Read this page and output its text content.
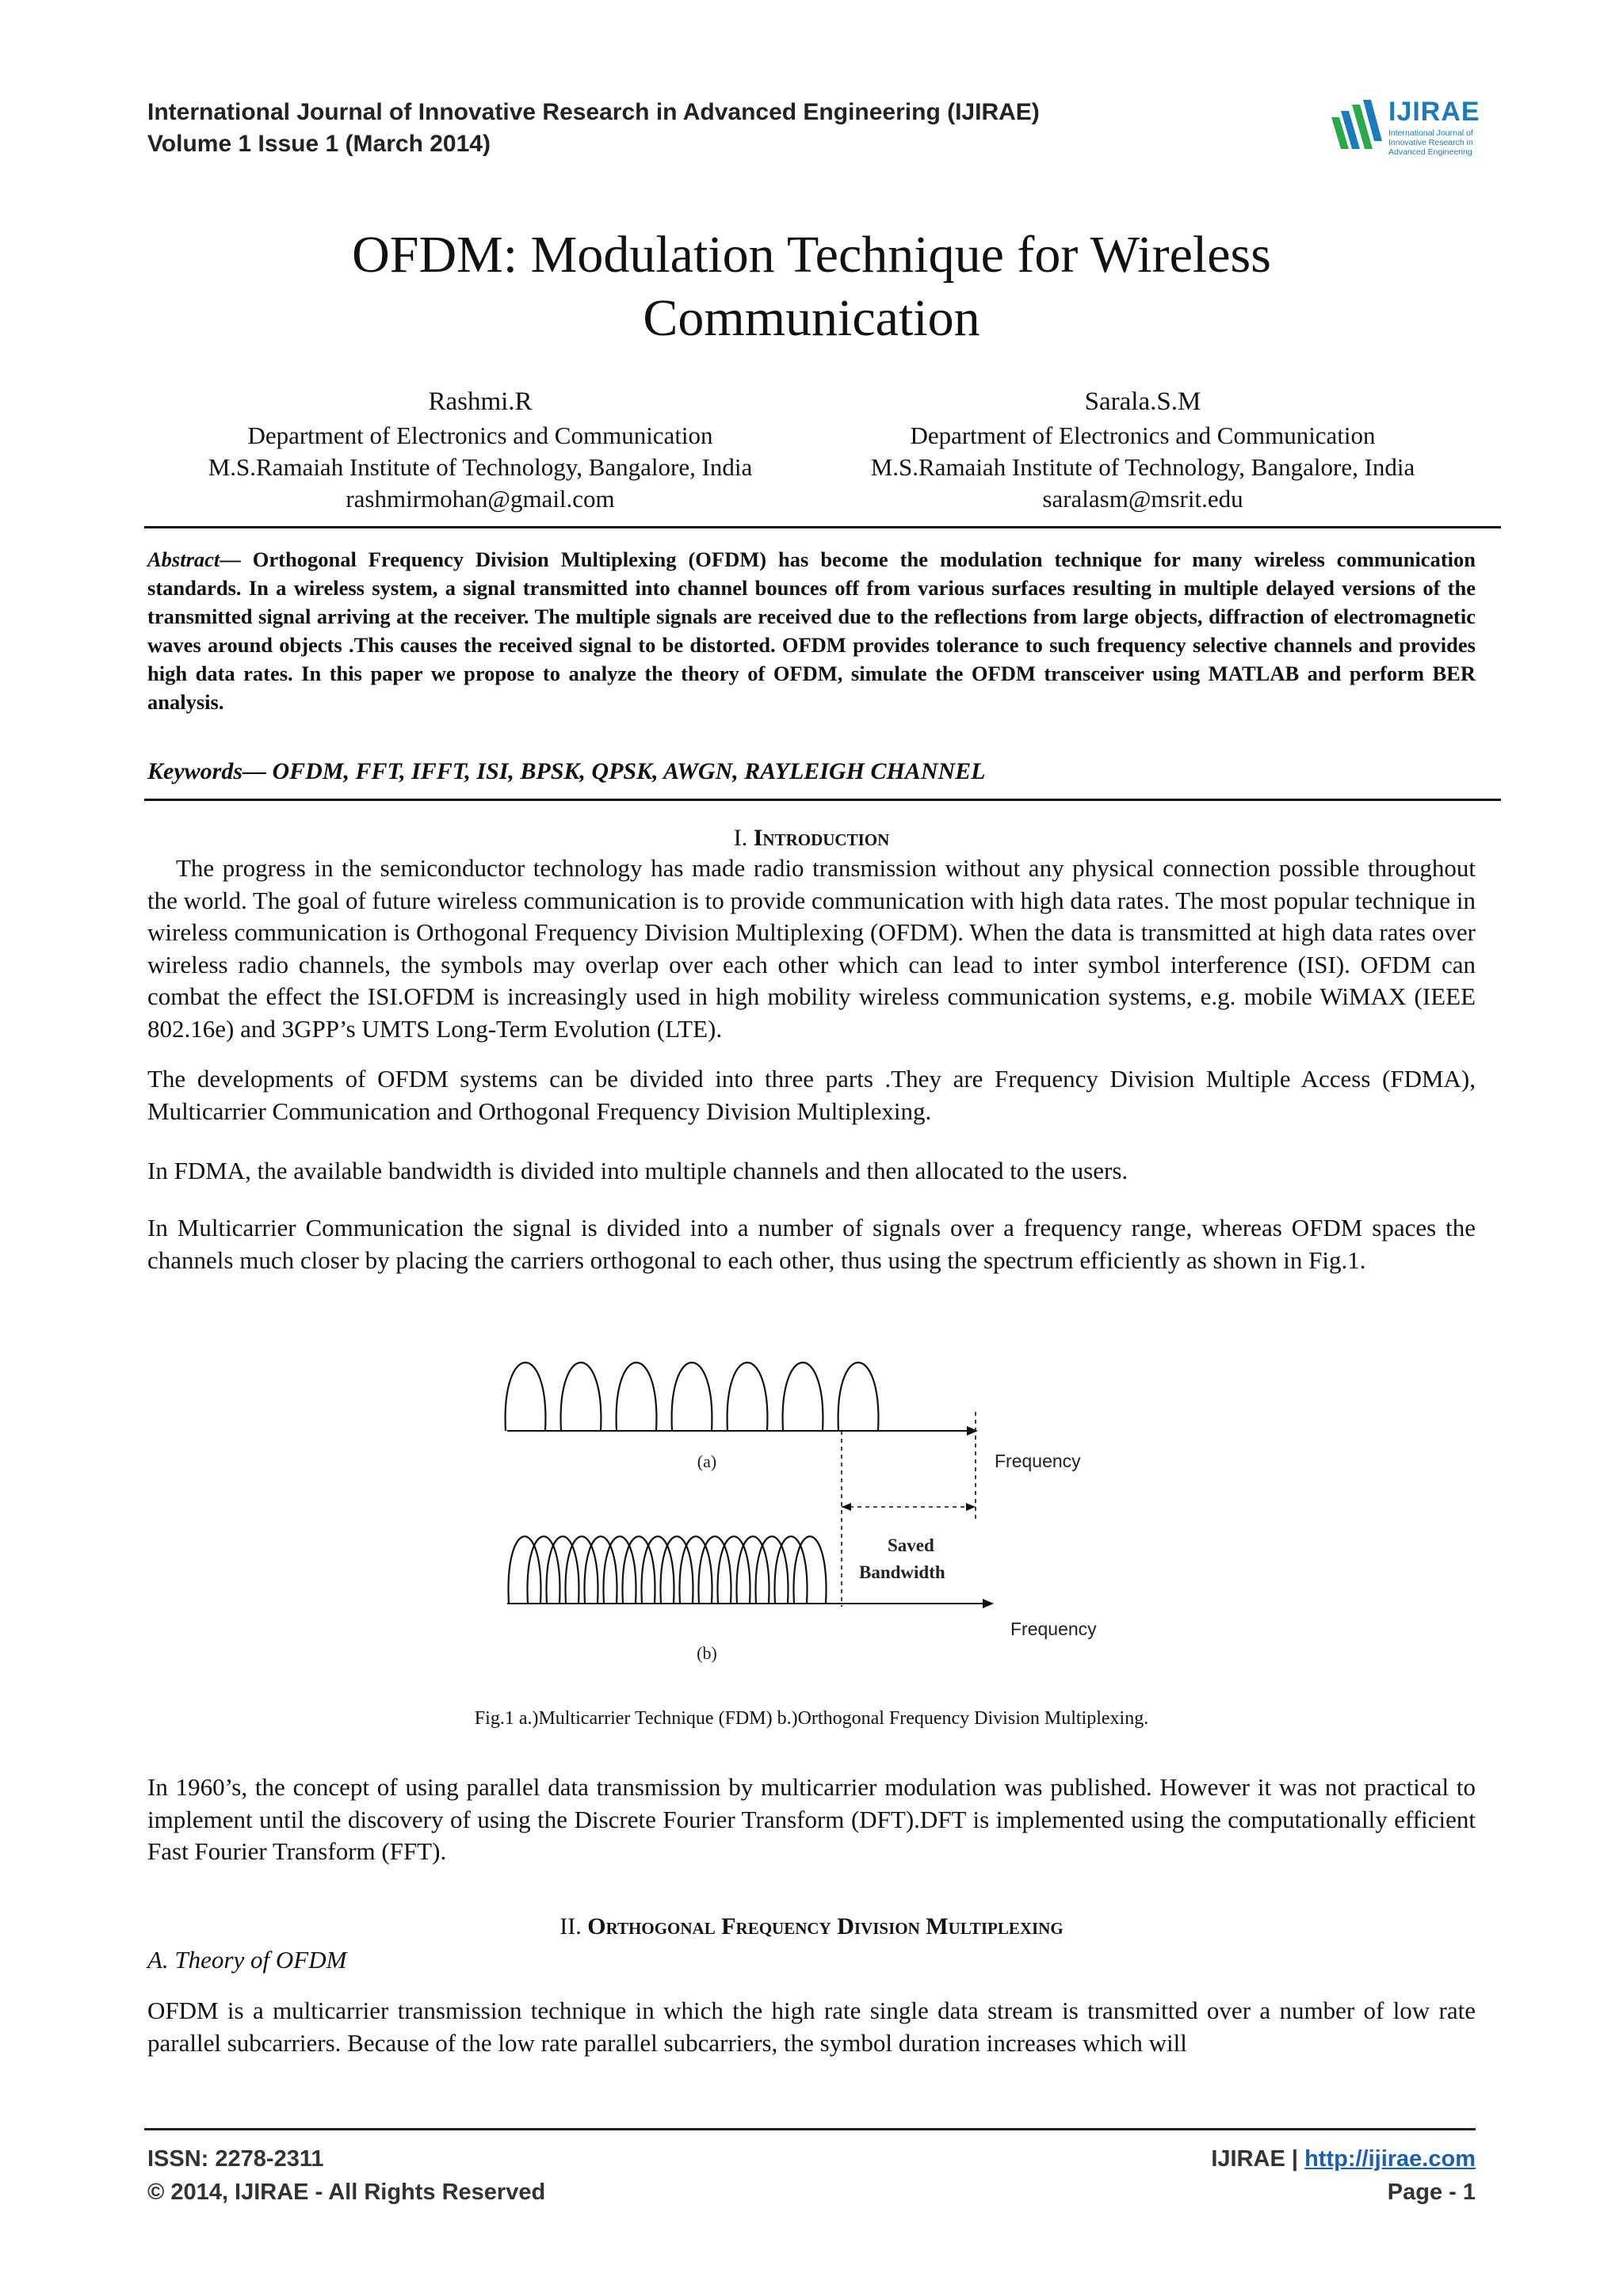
International Journal of Innovative Research in Advanced Engineering (IJIRAE)
Volume 1 Issue 1 (March 2014)
IJIRAE
International Journal of Innovative Research in Advanced Engineering
OFDM: Modulation Technique for Wireless
Communication
Rashmi.R
Department of Electronics and Communication
M.S.Ramaiah Institute of Technology, Bangalore, India
rashmirmohan@gmail.com
Sarala.S.M
Department of Electronics and Communication
M.S.Ramaiah Institute of Technology, Bangalore, India
saralasm@msrit.edu
Abstract— Orthogonal Frequency Division Multiplexing (OFDM) has become the modulation technique for many wireless communication standards. In a wireless system, a signal transmitted into channel bounces off from various surfaces resulting in multiple delayed versions of the transmitted signal arriving at the receiver. The multiple signals are received due to the reflections from large objects, diffraction of electromagnetic waves around objects .This causes the received signal to be distorted. OFDM provides tolerance to such frequency selective channels and provides high data rates. In this paper we propose to analyze the theory of OFDM, simulate the OFDM transceiver using MATLAB and perform BER analysis.
Keywords— OFDM, FFT, IFFT, ISI, BPSK, QPSK, AWGN, RAYLEIGH CHANNEL
I. Introduction
The progress in the semiconductor technology has made radio transmission without any physical connection possible throughout the world. The goal of future wireless communication is to provide communication with high data rates. The most popular technique in wireless communication is Orthogonal Frequency Division Multiplexing (OFDM). When the data is transmitted at high data rates over wireless radio channels, the symbols may overlap over each other which can lead to inter symbol interference (ISI). OFDM can combat the effect the ISI.OFDM is increasingly used in high mobility wireless communication systems, e.g. mobile WiMAX (IEEE 802.16e) and 3GPP’s UMTS Long-Term Evolution (LTE).
The developments of OFDM systems can be divided into three parts .They are Frequency Division Multiple Access (FDMA), Multicarrier Communication and Orthogonal Frequency Division Multiplexing.
In FDMA, the available bandwidth is divided into multiple channels and then allocated to the users.
In Multicarrier Communication the signal is divided into a number of signals over a frequency range, whereas OFDM spaces the channels much closer by placing the carriers orthogonal to each other, thus using the spectrum efficiently as shown in Fig.1.
(a)
(b)
Frequency
Frequency
Saved
Bandwidth
Fig.1 a.)Multicarrier Technique (FDM) b.)Orthogonal Frequency Division Multiplexing.
In 1960’s, the concept of using parallel data transmission by multicarrier modulation was published. However it was not practical to implement until the discovery of using the Discrete Fourier Transform (DFT).DFT is implemented using the computationally efficient Fast Fourier Transform (FFT).
II. Orthogonal Frequency Division Multiplexing
A. Theory of OFDM
OFDM is a multicarrier transmission technique in which the high rate single data stream is transmitted over a number of low rate parallel subcarriers. Because of the low rate parallel subcarriers, the symbol duration increases which will
ISSN: 2278-2311
© 2014, IJIRAE - All Rights Reserved
IJIRAE | http://ijirae.com
Page - 1
